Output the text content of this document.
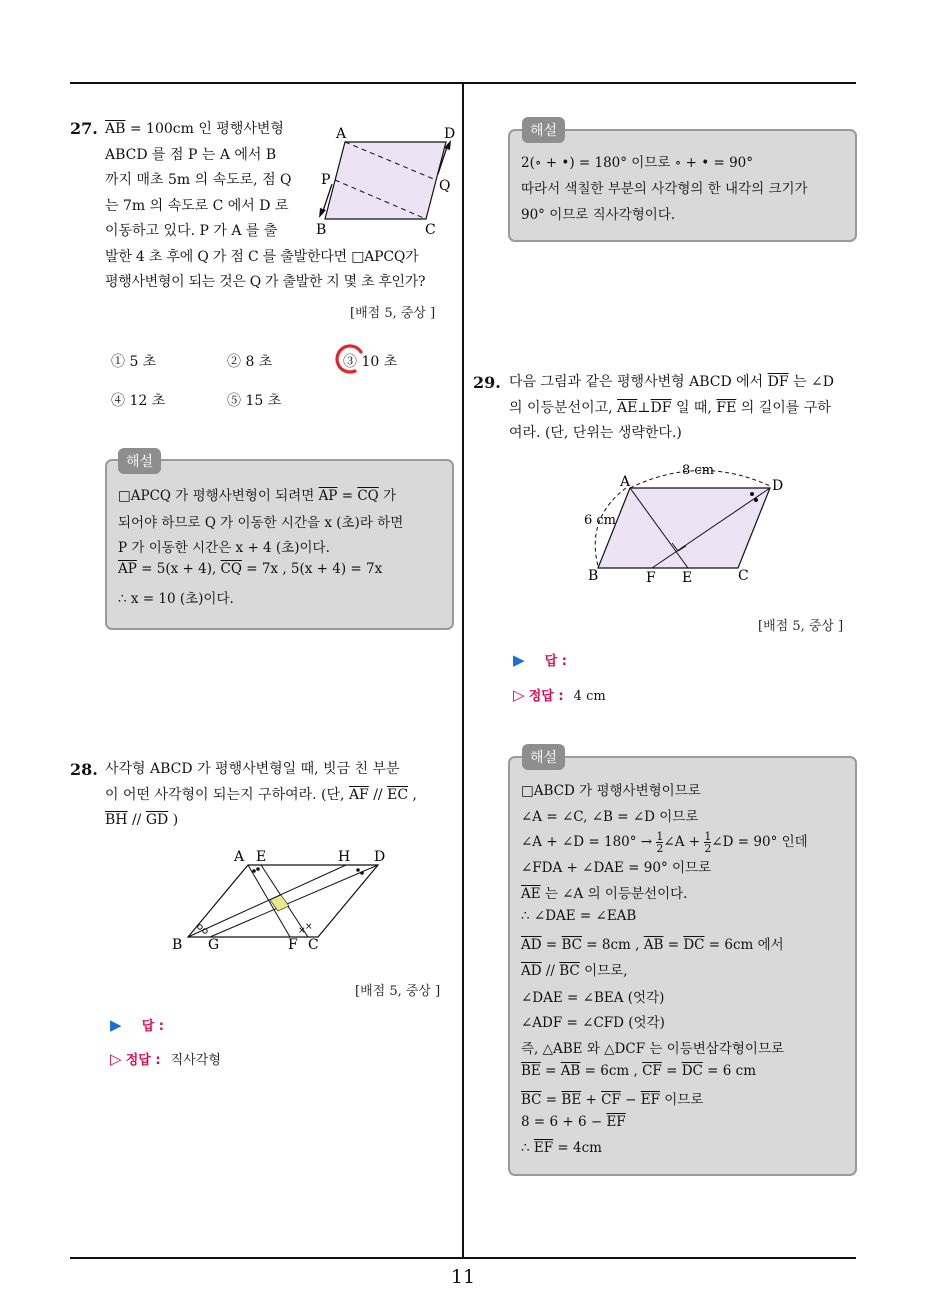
27. $\overline{AB} = 100cm$ 인 평행사변형
ABCD 를 점 P 는 A 에서 B
까지 매초 5m 의 속도로, 점 Q
는 7m 의 속도로 C 에서 D 로
이동하고 있다. P 가 A 를 출
발한 4 초 후에 Q 가 점 C 를 출발한다면 □APCQ가
평행사변형이 되는 것은 Q 가 출발한 지 몇 초 후인가?
A	D
P	Q
B	C
[배점 5, 중상 ]
① 5 초	② 8 초	③ 10 초
④ 12 초	⑤ 15 초
□APCQ 가 평행사변형이 되려면 $\overline{AP} = \overline{CQ}$ 가
되어야 하므로 Q 가 이동한 시간을 x (초)라 하면
P 가 이동한 시간은 x + 4 (초)이다.
$\overline{AP} = 5(x + 4)$, $\overline{CQ} = 7x$ , 5(x + 4) = 7x
∴ x = 10 (초)이다.
해설
28. 사각형 ABCD 가 평행사변형일 때, 빗금 친 부분
이 어떤 사각형이 되는지 구하여라. (단, $\overline{AF} // \overline{EC}$ ,
$\overline{BH} // \overline{GD}$ )
× ×
A E	H D
B G	F C
[배점 5, 중상 ]
▶ 답 :
▷ 정답 : 직사각형
2(∘ + •) = 180° 이므로 ∘ + • = 90°
따라서 색칠한 부분의 사각형의 한 내각의 크기가
90° 이므로 직사각형이다.
해설
29. 다음 그림과 같은 평행사변형 ABCD 에서 $\overline{DF}$ 는 ∠D
의 이등분선이고, $\overline{AE}\perp\overline{DF}$ 일 때, $\overline{FE}$ 의 길이를 구하
여라. (단, 단위는 생략한다.)
8 cm
6 cm
A	D
B	F E	C
[배점 5, 중상 ]
▶ 답 :
▷ 정답 : 4 cm
□ABCD 가 평행사변형이므로
∠A = ∠C, ∠B = ∠D 이므로
∠A + ∠D = $180^\circ \to \frac{1}{2}$ ∠A + $\frac{1}{2}$ ∠D = 90° 인데
∠FDA + ∠DAE = 90° 이므로
$\overline{AE}$ 는 ∠A 의 이등분선이다.
∴ ∠DAE = ∠EAB
$\overline{AD} = \overline{BC} = 8cm$ , $\overline{AB} = \overline{DC} = 6cm$ 에서
$\overline{AD} // \overline{BC}$ 이므로,
∠DAE = ∠BEA (엇각)
∠ADF = ∠CFD (엇각)
즉, △ABE 와 △DCF 는 이등변삼각형이므로
$\overline{BE} = \overline{AB} = 6cm$ , $\overline{CF} = \overline{DC} = 6$ cm
$\overline{BC} = \overline{BE} + \overline{CF} - \overline{EF}$ 이므로
$8 = 6 + 6 - \overline{EF}$
∴ $\overline{EF} = 4cm$
해설
11
